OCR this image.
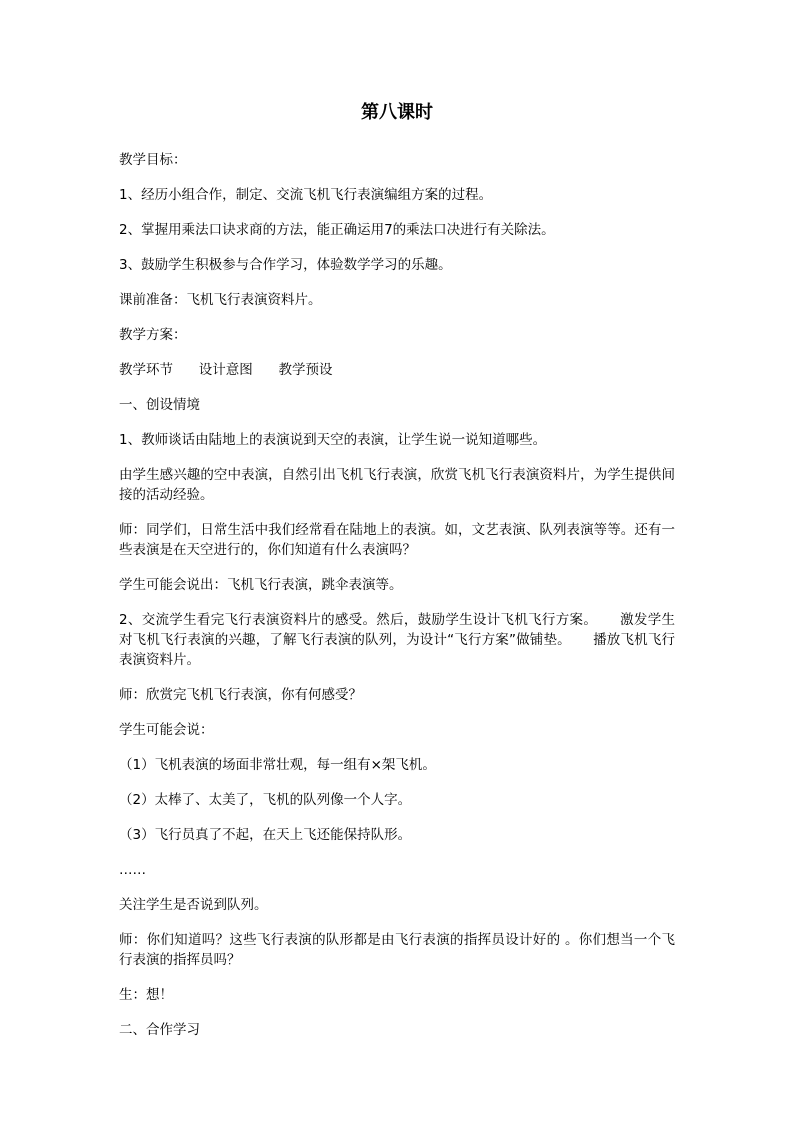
第八课时

教学目标：

1、经历小组合作，制定、交流飞机飞行表演编组方案的过程。

2、掌握用乘法口诀求商的方法，能正确运用7的乘法口决进行有关除法。

3、鼓励学生积极参与合作学习，体验数学学习的乐趣。

课前准备：飞机飞行表演资料片。

教学方案：

教学环节      设计意图      教学预设

一、创设情境

1、教师谈话由陆地上的表演说到天空的表演，让学生说一说知道哪些。

由学生感兴趣的空中表演，自然引出飞机飞行表演，欣赏飞机飞行表演资料片，为学生提供间接的活动经验。

师：同学们，日常生活中我们经常看在陆地上的表演。如，文艺表演、队列表演等等。还有一些表演是在天空进行的，你们知道有什么表演吗？

学生可能会说出：飞机飞行表演，跳伞表演等。

2、交流学生看完飞行表演资料片的感受。然后，鼓励学生设计飞机飞行方案。     激发学生对飞机飞行表演的兴趣，了解飞行表演的队列，为设计“飞行方案”做铺垫。     播放飞机飞行表演资料片。

师：欣赏完飞机飞行表演，你有何感受？

学生可能会说：

（1）飞机表演的场面非常壮观，每一组有×架飞机。

（2）太棒了、太美了，飞机的队列像一个人字。

（3）飞行员真了不起，在天上飞还能保持队形。

……

关注学生是否说到队列。

师：你们知道吗？这些飞行表演的队形都是由飞行表演的指挥员设计好的 。你们想当一个飞行表演的指挥员吗？

生：想！

二、合作学习
